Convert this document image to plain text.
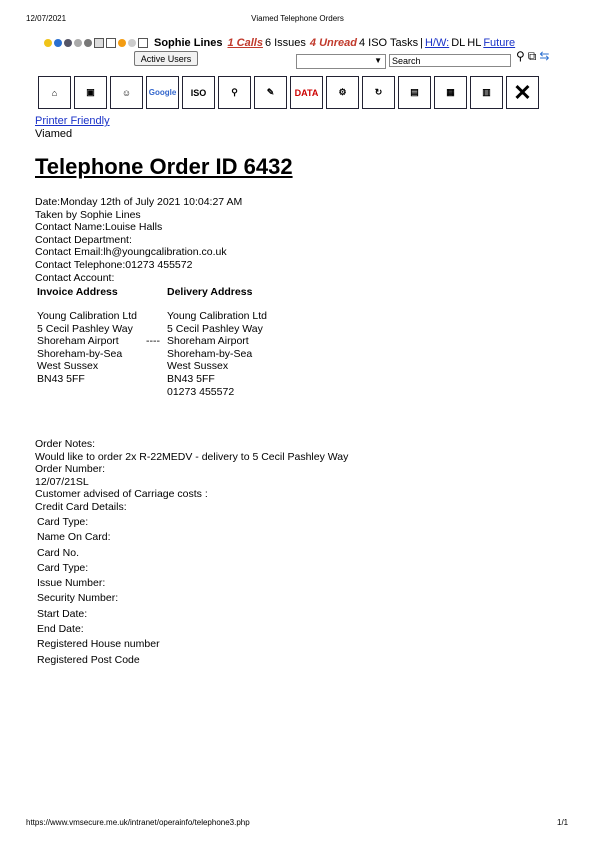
12/07/2021	Viamed Telephone Orders
Sophie Lines 1 Calls 6 Issues 4 Unread 4 ISO Tasks | H/W: DL HL Future
Active Users	▼	Search	⚲ ⧉ ⇆
⌂	▣	☺	Google	ISO	⚲	✎	DATA	⚙	↻	▤	▦	▥	✕
Printer Friendly
Viamed
Telephone Order ID 6432
Date:Monday 12th of July 2021 10:04:27 AM
Taken by Sophie Lines
Contact Name:Louise Halls
Contact Department:
Contact Email:lh@youngcalibration.co.uk
Contact Telephone:01273 455572
Contact Account:
Invoice Address	Delivery Address
Young Calibration Ltd
5 Cecil Pashley Way
Shoreham Airport
Shoreham-by-Sea
West Sussex
BN43 5FF
----
Young Calibration Ltd
5 Cecil Pashley Way
Shoreham Airport
Shoreham-by-Sea
West Sussex
BN43 5FF
01273 455572
Order Notes:
Would like to order 2x R-22MEDV - delivery to 5 Cecil Pashley Way
Order Number:
12/07/21SL
Customer advised of Carriage costs :
Credit Card Details:
Card Type:
Name On Card:
Card No.
Card Type:
Issue Number:
Security Number:
Start Date:
End Date:
Registered House number
Registered Post Code
https://www.vmsecure.me.uk/intranet/operainfo/telephone3.php	1/1
